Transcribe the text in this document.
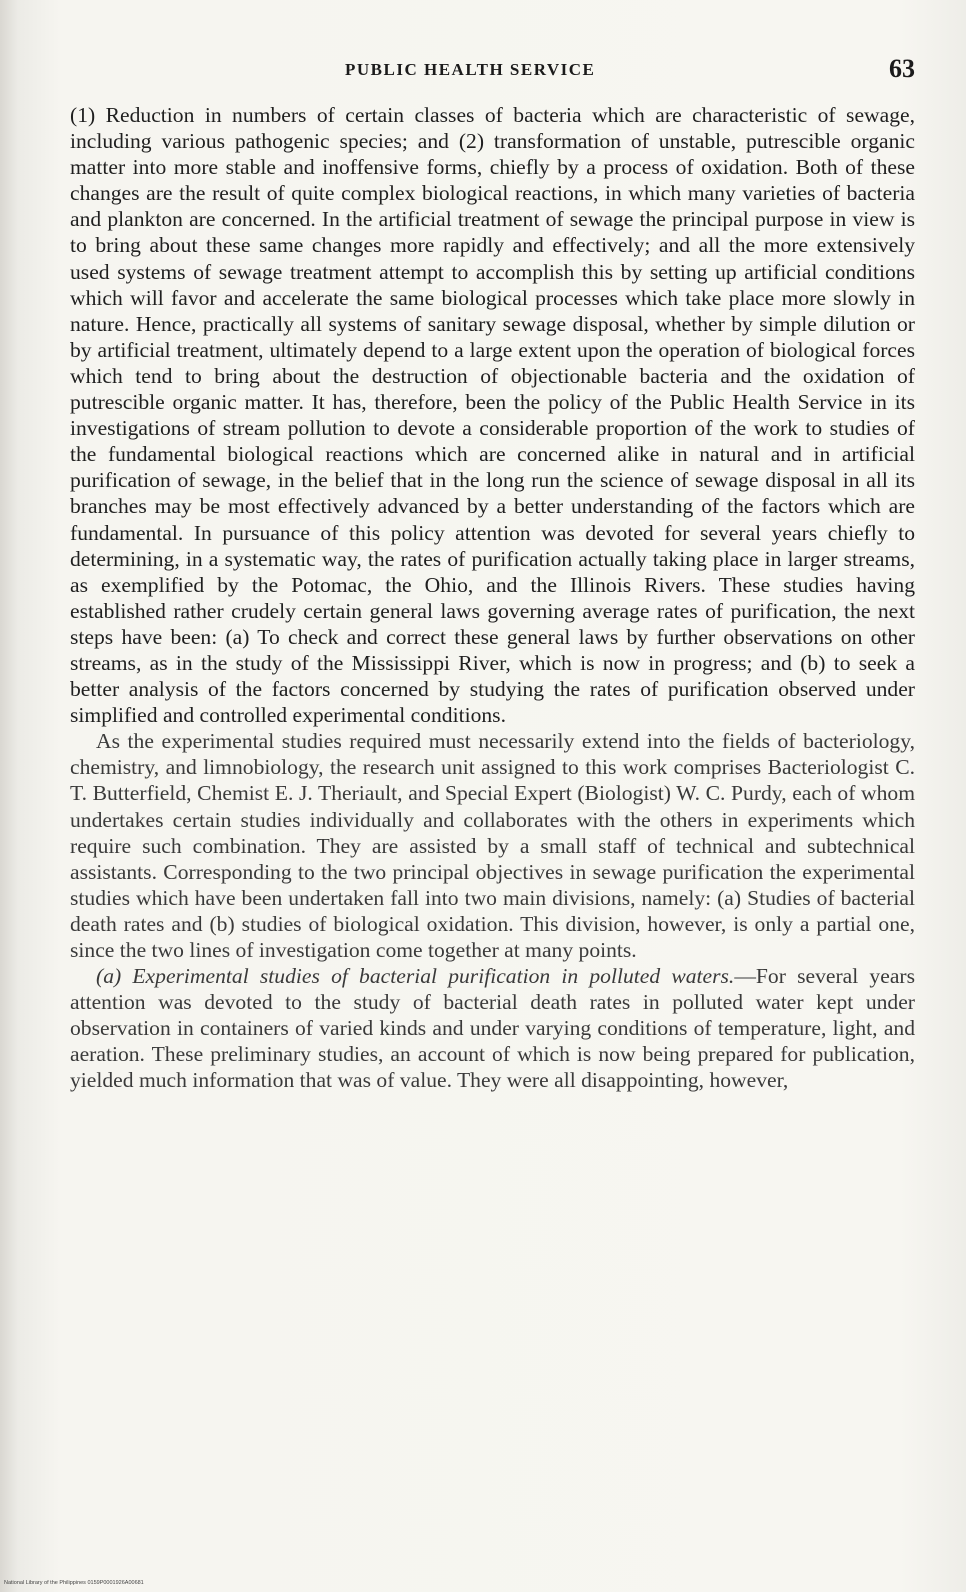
PUBLIC HEALTH SERVICE	63

(1) Reduction in numbers of certain classes of bacteria which are characteristic of sewage, including various pathogenic species; and (2) transformation of unstable, putrescible organic matter into more stable and inoffensive forms, chiefly by a process of oxidation. Both of these changes are the result of quite complex biological reactions, in which many varieties of bacteria and plankton are concerned. In the artificial treatment of sewage the principal purpose in view is to bring about these same changes more rapidly and effectively; and all the more extensively used systems of sewage treatment attempt to accomplish this by setting up artificial conditions which will favor and accelerate the same biological processes which take place more slowly in nature. Hence, practically all systems of sanitary sewage disposal, whether by simple dilution or by artificial treatment, ultimately depend to a large extent upon the operation of biological forces which tend to bring about the destruction of objectionable bacteria and the oxidation of putrescible organic matter. It has, therefore, been the policy of the Public Health Service in its investigations of stream pollution to devote a considerable proportion of the work to studies of the fundamental biological reactions which are concerned alike in natural and in artificial purification of sewage, in the belief that in the long run the science of sewage disposal in all its branches may be most effectively advanced by a better understanding of the factors which are fundamental. In pursuance of this policy attention was devoted for several years chiefly to determining, in a systematic way, the rates of purification actually taking place in larger streams, as exemplified by the Potomac, the Ohio, and the Illinois Rivers. These studies having established rather crudely certain general laws governing average rates of purification, the next steps have been: (a) To check and correct these general laws by further observations on other streams, as in the study of the Mississippi River, which is now in progress; and (b) to seek a better analysis of the factors concerned by studying the rates of purification observed under simplified and controlled experimental conditions.

As the experimental studies required must necessarily extend into the fields of bacteriology, chemistry, and limnobiology, the research unit assigned to this work comprises Bacteriologist C. T. Butterfield, Chemist E. J. Theriault, and Special Expert (Biologist) W. C. Purdy, each of whom undertakes certain studies individually and collaborates with the others in experiments which require such combination. They are assisted by a small staff of technical and subtechnical assistants. Corresponding to the two principal objectives in sewage purification the experimental studies which have been undertaken fall into two main divisions, namely: (a) Studies of bacterial death rates and (b) studies of biological oxidation. This division, however, is only a partial one, since the two lines of investigation come together at many points.

(a) Experimental studies of bacterial purification in polluted waters.—For several years attention was devoted to the study of bacterial death rates in polluted water kept under observation in containers of varied kinds and under varying conditions of temperature, light, and aeration. These preliminary studies, an account of which is now being prepared for publication, yielded much information that was of value. They were all disappointing, however,

National Library of the Philippines 0159P0001926A00681
